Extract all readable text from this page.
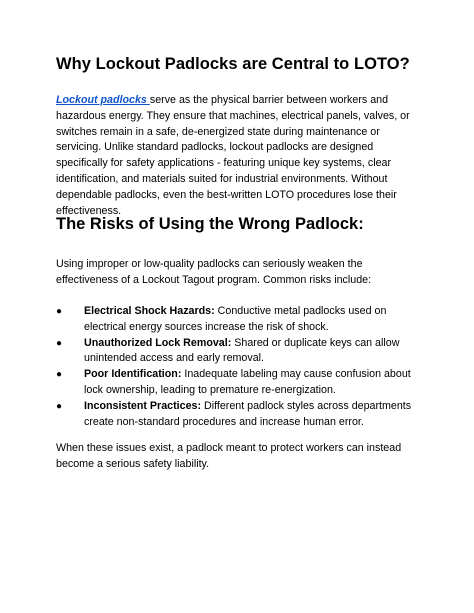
Why Lockout Padlocks are Central to LOTO?

Lockout padlocks serve as the physical barrier between workers and hazardous energy. They ensure that machines, electrical panels, valves, or switches remain in a safe, de-energized state during maintenance or servicing. Unlike standard padlocks, lockout padlocks are designed specifically for safety applications - featuring unique key systems, clear identification, and materials suited for industrial environments. Without dependable padlocks, even the best-written LOTO procedures lose their effectiveness.

The Risks of Using the Wrong Padlock:

Using improper or low-quality padlocks can seriously weaken the effectiveness of a Lockout Tagout program. Common risks include:

● Electrical Shock Hazards: Conductive metal padlocks used on electrical energy sources increase the risk of shock.
● Unauthorized Lock Removal: Shared or duplicate keys can allow unintended access and early removal.
● Poor Identification: Inadequate labeling may cause confusion about lock ownership, leading to premature re-energization.
● Inconsistent Practices: Different padlock styles across departments create non-standard procedures and increase human error.

When these issues exist, a padlock meant to protect workers can instead become a serious safety liability.
